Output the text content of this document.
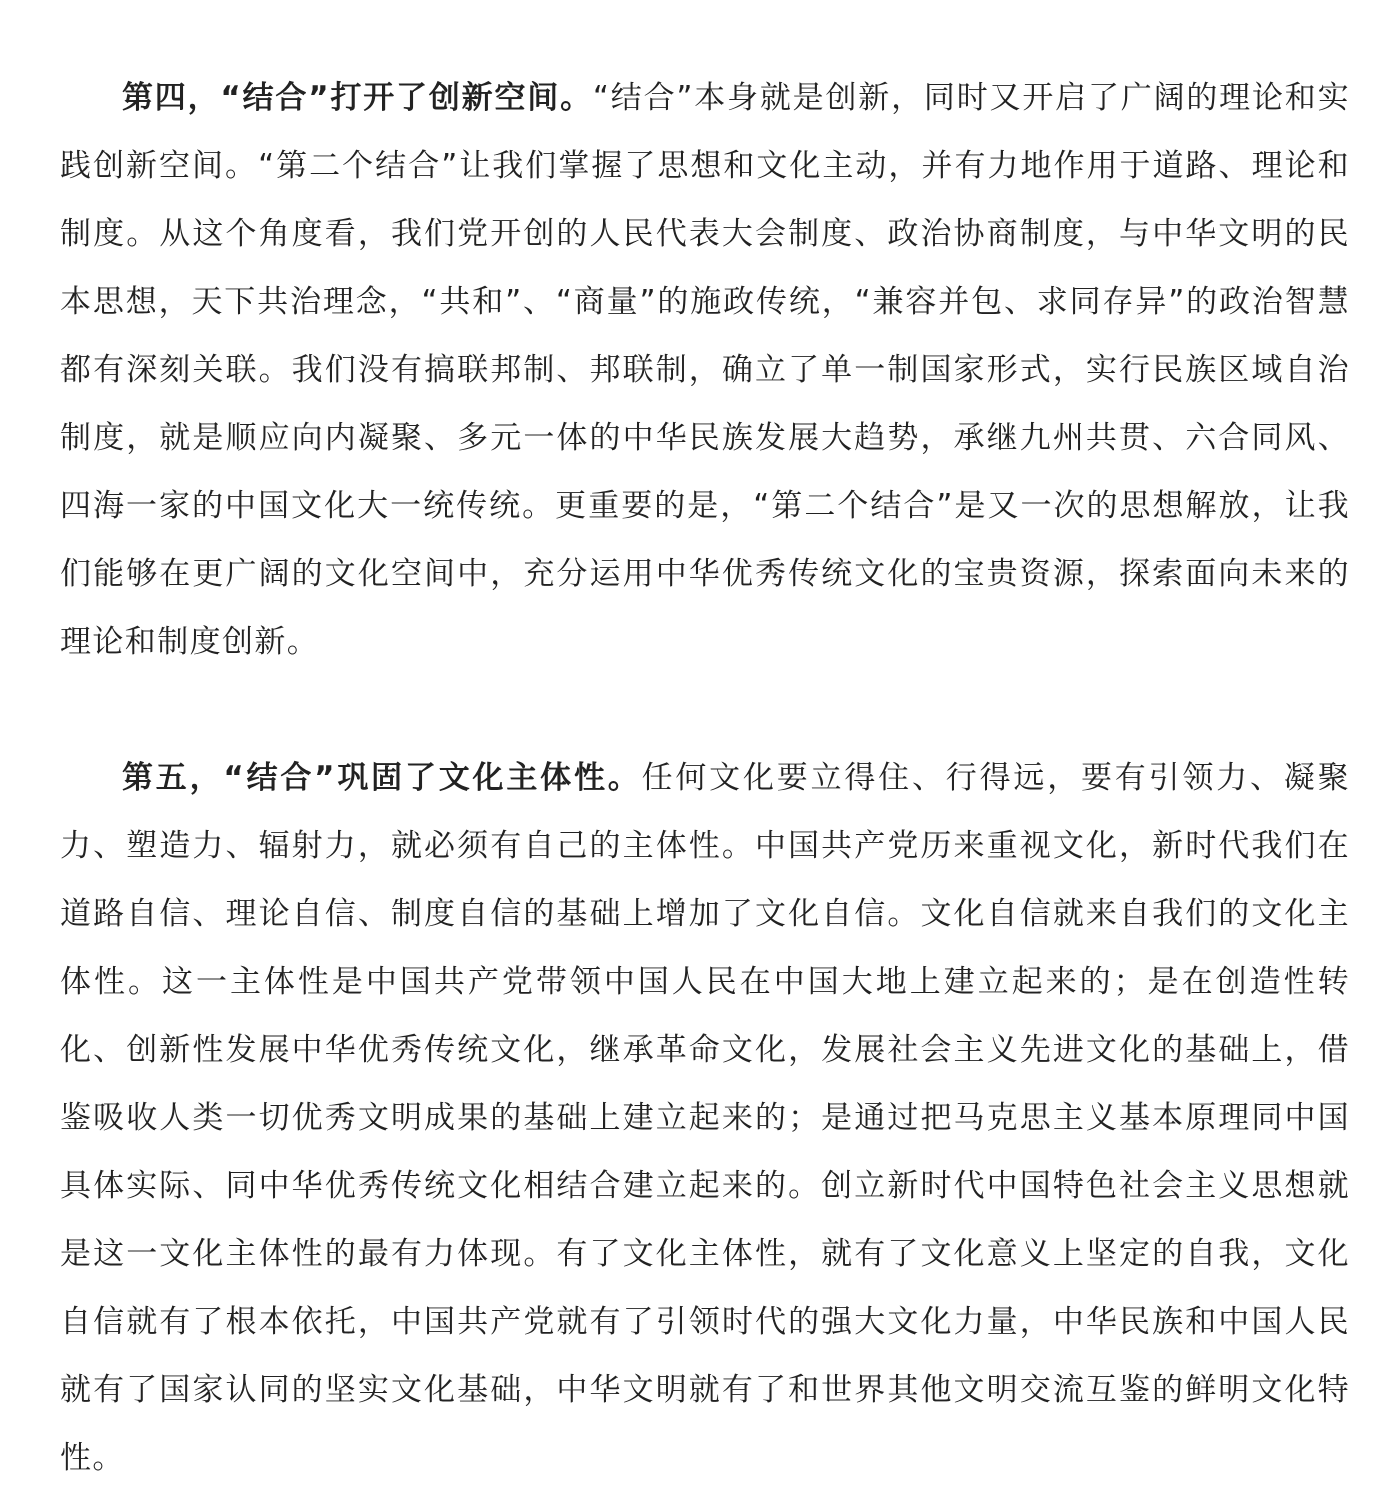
第四，“结合”打开了创新空间。“结合”本身就是创新，同时又开启了广阔的理论和实践创新空间。“第二个结合”让我们掌握了思想和文化主动，并有力地作用于道路、理论和制度。从这个角度看，我们党开创的人民代表大会制度、政治协商制度，与中华文明的民本思想，天下共治理念，“共和”、“商量”的施政传统，“兼容并包、求同存异”的政治智慧都有深刻关联。我们没有搞联邦制、邦联制，确立了单一制国家形式，实行民族区域自治制度，就是顺应向内凝聚、多元一体的中华民族发展大趋势，承继九州共贯、六合同风、四海一家的中国文化大一统传统。更重要的是，“第二个结合”是又一次的思想解放，让我们能够在更广阔的文化空间中，充分运用中华优秀传统文化的宝贵资源，探索面向未来的理论和制度创新。

第五，“结合”巩固了文化主体性。任何文化要立得住、行得远，要有引领力、凝聚力、塑造力、辐射力，就必须有自己的主体性。中国共产党历来重视文化，新时代我们在道路自信、理论自信、制度自信的基础上增加了文化自信。文化自信就来自我们的文化主体性。这一主体性是中国共产党带领中国人民在中国大地上建立起来的；是在创造性转化、创新性发展中华优秀传统文化，继承革命文化，发展社会主义先进文化的基础上，借鉴吸收人类一切优秀文明成果的基础上建立起来的；是通过把马克思主义基本原理同中国具体实际、同中华优秀传统文化相结合建立起来的。创立新时代中国特色社会主义思想就是这一文化主体性的最有力体现。有了文化主体性，就有了文化意义上坚定的自我，文化自信就有了根本依托，中国共产党就有了引领时代的强大文化力量，中华民族和中国人民就有了国家认同的坚实文化基础，中华文明就有了和世界其他文明交流互鉴的鲜明文化特性。
